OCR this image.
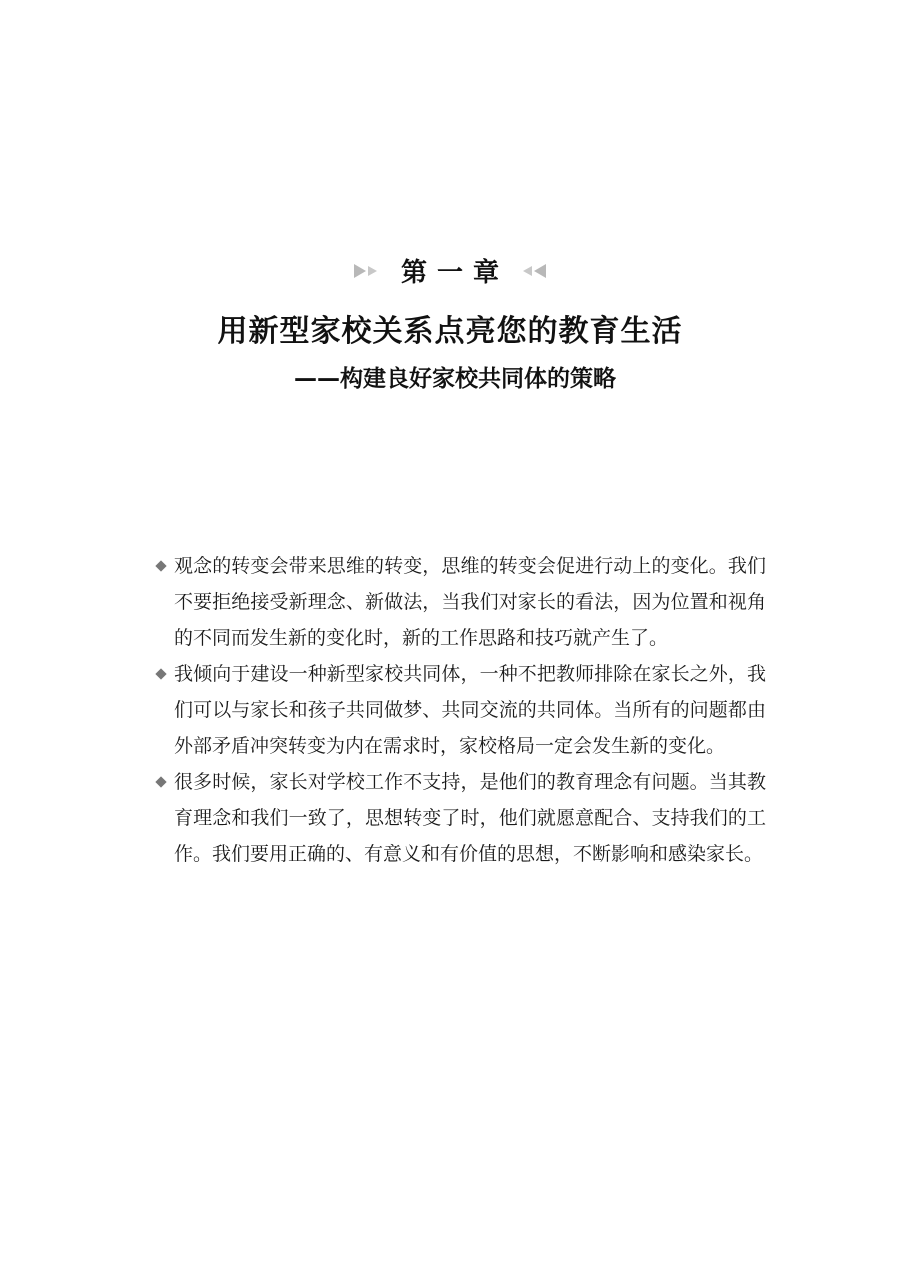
第一章
用新型家校关系点亮您的教育生活
——构建良好家校共同体的策略
观念的转变会带来思维的转变，思维的转变会促进行动上的变化。我们不要拒绝接受新理念、新做法，当我们对家长的看法，因为位置和视角的不同而发生新的变化时，新的工作思路和技巧就产生了。
我倾向于建设一种新型家校共同体，一种不把教师排除在家长之外，我们可以与家长和孩子共同做梦、共同交流的共同体。当所有的问题都由外部矛盾冲突转变为内在需求时，家校格局一定会发生新的变化。
很多时候，家长对学校工作不支持，是他们的教育理念有问题。当其教育理念和我们一致了，思想转变了时，他们就愿意配合、支持我们的工作。我们要用正确的、有意义和有价值的思想，不断影响和感染家长。
